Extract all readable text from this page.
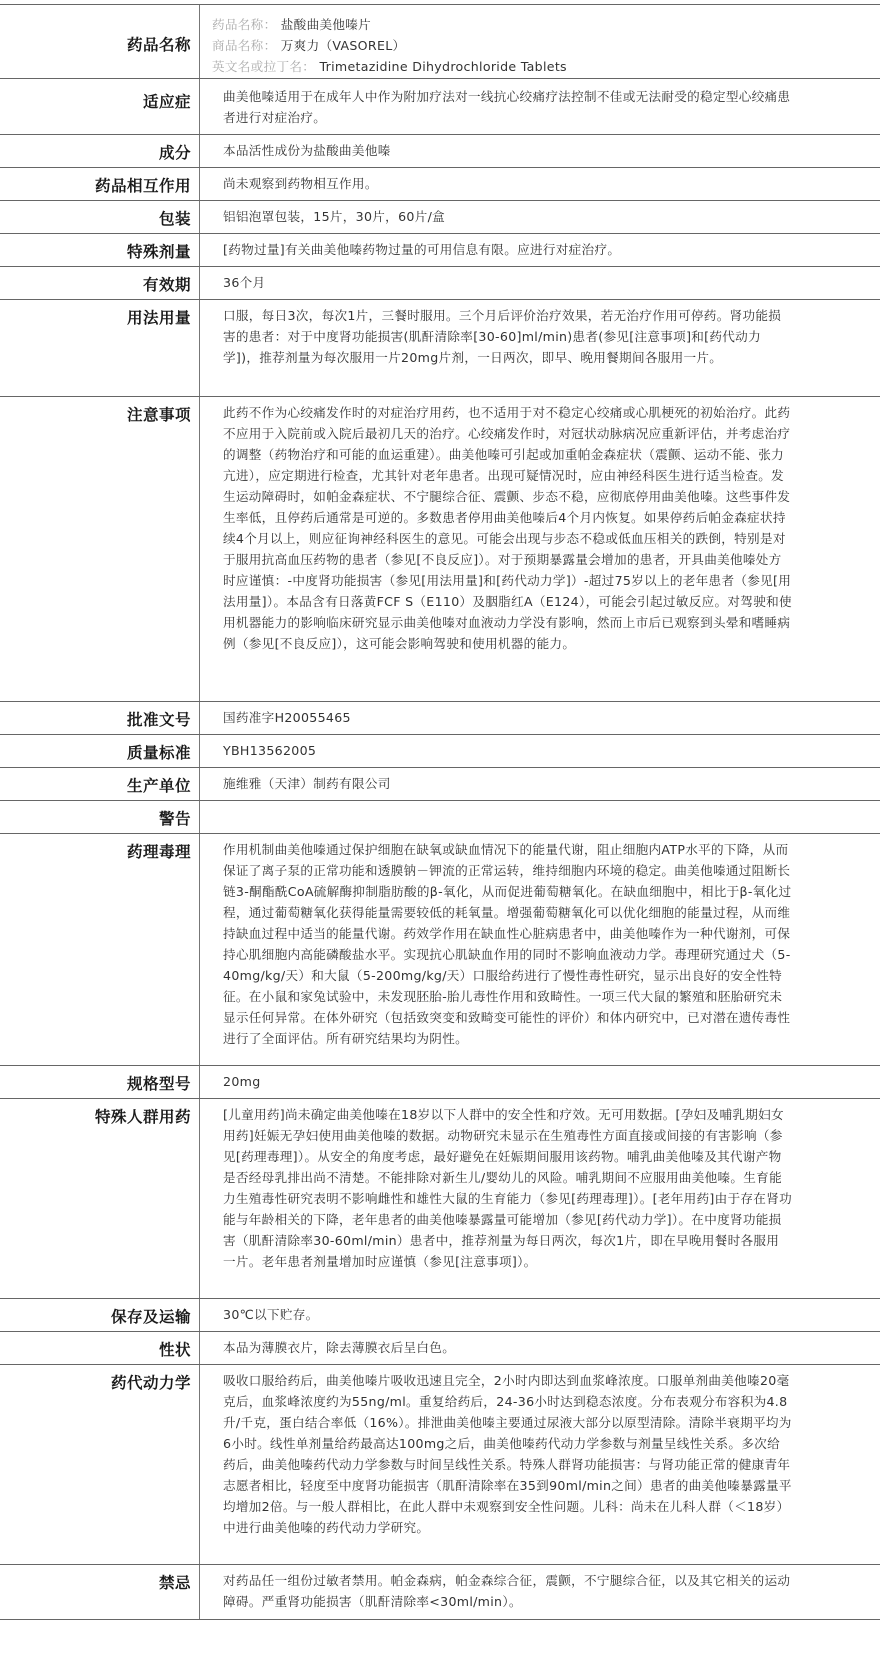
药品名称
药品名称： 盐酸曲美他嗪片
商品名称： 万爽力（VASOREL）
英文名或拉丁名： Trimetazidine Dihydrochloride Tablets
适应症	曲美他嗪适用于在成年人中作为附加疗法对一线抗心绞痛疗法控制不佳或无法耐受的稳定型心绞痛患者进行对症治疗。
成分	本品活性成份为盐酸曲美他嗪
药品相互作用	尚未观察到药物相互作用。
包装	铝铝泡罩包装，15片，30片，60片/盒
特殊剂量	[药物过量]有关曲美他嗪药物过量的可用信息有限。应进行对症治疗。
有效期	36个月
用法用量	口服，每日3次，每次1片，三餐时服用。三个月后评价治疗效果，若无治疗作用可停药。肾功能损害的患者：对于中度肾功能损害(肌酐清除率[30-60]ml/min)患者(参见[注意事项]和[药代动力学])，推荐剂量为每次服用一片20mg片剂，一日两次，即早、晚用餐期间各服用一片。
注意事项	此药不作为心绞痛发作时的对症治疗用药，也不适用于对不稳定心绞痛或心肌梗死的初始治疗。此药不应用于入院前或入院后最初几天的治疗。心绞痛发作时，对冠状动脉病况应重新评估，并考虑治疗的调整（药物治疗和可能的血运重建）。曲美他嗪可引起或加重帕金森症状（震颤、运动不能、张力亢进），应定期进行检查，尤其针对老年患者。出现可疑情况时，应由神经科医生进行适当检查。发生运动障碍时，如帕金森症状、不宁腿综合征、震颤、步态不稳，应彻底停用曲美他嗪。这些事件发生率低，且停药后通常是可逆的。多数患者停用曲美他嗪后4个月内恢复。如果停药后帕金森症状持续4个月以上，则应征询神经科医生的意见。可能会出现与步态不稳或低血压相关的跌倒，特别是对于服用抗高血压药物的患者（参见[不良反应]）。对于预期暴露量会增加的患者，开具曲美他嗪处方时应谨慎：-中度肾功能损害（参见[用法用量]和[药代动力学]）-超过75岁以上的老年患者（参见[用法用量]）。本品含有日落黄FCF S（E110）及胭脂红A（E124），可能会引起过敏反应。对驾驶和使用机器能力的影响临床研究显示曲美他嗪对血液动力学没有影响，然而上市后已观察到头晕和嗜睡病例（参见[不良反应]），这可能会影响驾驶和使用机器的能力。
批准文号	国药准字H20055465
质量标准	YBH13562005
生产单位	施维雅（天津）制药有限公司
警告
药理毒理	作用机制曲美他嗪通过保护细胞在缺氧或缺血情况下的能量代谢，阻止细胞内ATP水平的下降，从而保证了离子泵的正常功能和透膜钠－钾流的正常运转，维持细胞内环境的稳定。曲美他嗪通过阻断长链3-酮酯酰CoA硫解酶抑制脂肪酸的β-氧化，从而促进葡萄糖氧化。在缺血细胞中，相比于β-氧化过程，通过葡萄糖氧化获得能量需要较低的耗氧量。增强葡萄糖氧化可以优化细胞的能量过程，从而维持缺血过程中适当的能量代谢。药效学作用在缺血性心脏病患者中，曲美他嗪作为一种代谢剂，可保持心肌细胞内高能磷酸盐水平。实现抗心肌缺血作用的同时不影响血液动力学。毒理研究通过犬（5-40mg/kg/天）和大鼠（5-200mg/kg/天）口服给药进行了慢性毒性研究，显示出良好的安全性特征。在小鼠和家兔试验中，未发现胚胎-胎儿毒性作用和致畸性。一项三代大鼠的繁殖和胚胎研究未显示任何异常。在体外研究（包括致突变和致畸变可能性的评价）和体内研究中，已对潜在遗传毒性进行了全面评估。所有研究结果均为阴性。
规格型号	20mg
特殊人群用药	[儿童用药]尚未确定曲美他嗪在18岁以下人群中的安全性和疗效。无可用数据。[孕妇及哺乳期妇女用药]妊娠无孕妇使用曲美他嗪的数据。动物研究未显示在生殖毒性方面直接或间接的有害影响（参见[药理毒理]）。从安全的角度考虑，最好避免在妊娠期间服用该药物。哺乳曲美他嗪及其代谢产物是否经母乳排出尚不清楚。不能排除对新生儿/婴幼儿的风险。哺乳期间不应服用曲美他嗪。生育能力生殖毒性研究表明不影响雌性和雄性大鼠的生育能力（参见[药理毒理]）。[老年用药]由于存在肾功能与年龄相关的下降，老年患者的曲美他嗪暴露量可能增加（参见[药代动力学]）。在中度肾功能损害（肌酐清除率30-60ml/min）患者中，推荐剂量为每日两次，每次1片，即在早晚用餐时各服用一片。老年患者剂量增加时应谨慎（参见[注意事项]）。
保存及运输	30℃以下贮存。
性状	本品为薄膜衣片，除去薄膜衣后呈白色。
药代动力学	吸收口服给药后，曲美他嗪片吸收迅速且完全，2小时内即达到血浆峰浓度。口服单剂曲美他嗪20毫克后，血浆峰浓度约为55ng/ml。重复给药后，24-36小时达到稳态浓度。分布表观分布容积为4.8升/千克，蛋白结合率低（16%）。排泄曲美他嗪主要通过尿液大部分以原型清除。清除半衰期平均为6小时。线性单剂量给药最高达100mg之后，曲美他嗪药代动力学参数与剂量呈线性关系。多次给药后，曲美他嗪药代动力学参数与时间呈线性关系。特殊人群肾功能损害：与肾功能正常的健康青年志愿者相比，轻度至中度肾功能损害（肌酐清除率在35到90ml/min之间）患者的曲美他嗪暴露量平均增加2倍。与一般人群相比，在此人群中未观察到安全性问题。儿科：尚未在儿科人群（＜18岁）中进行曲美他嗪的药代动力学研究。
禁忌	对药品任一组份过敏者禁用。帕金森病，帕金森综合征，震颤，不宁腿综合征，以及其它相关的运动障碍。严重肾功能损害（肌酐清除率<30ml/min）。
